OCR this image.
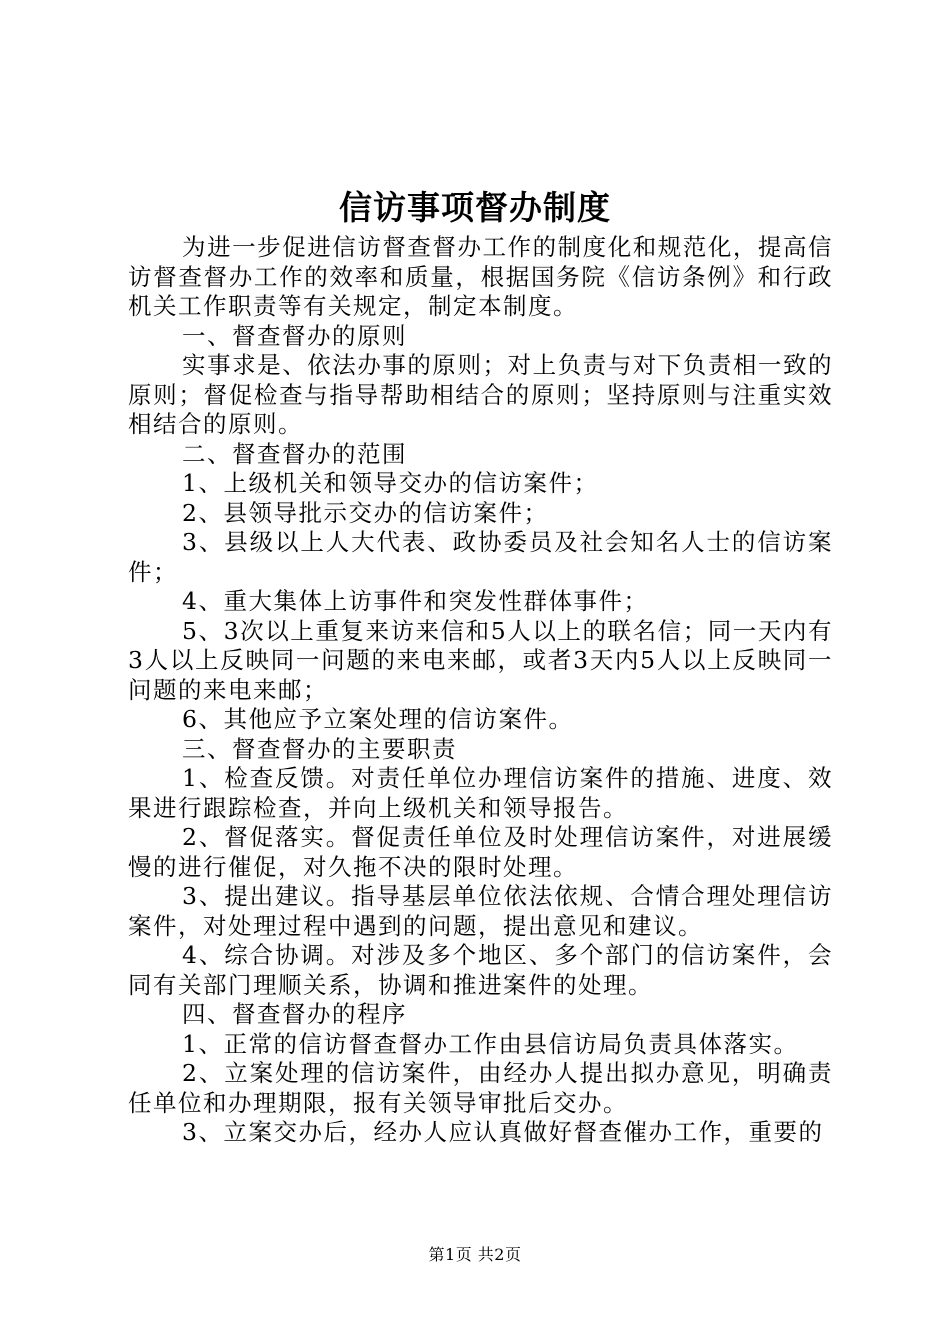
信访事项督办制度

为进一步促进信访督查督办工作的制度化和规范化，提高信访督查督办工作的效率和质量，根据国务院《信访条例》和行政机关工作职责等有关规定，制定本制度。

一、督查督办的原则

实事求是、依法办事的原则；对上负责与对下负责相一致的原则；督促检查与指导帮助相结合的原则；坚持原则与注重实效相结合的原则。

二、督查督办的范围

1、上级机关和领导交办的信访案件；

2、县领导批示交办的信访案件；

3、县级以上人大代表、政协委员及社会知名人士的信访案件；

4、重大集体上访事件和突发性群体事件；

5、3次以上重复来访来信和5人以上的联名信；同一天内有3人以上反映同一问题的来电来邮，或者3天内5人以上反映同一问题的来电来邮；

6、其他应予立案处理的信访案件。

三、督查督办的主要职责

1、检查反馈。对责任单位办理信访案件的措施、进度、效果进行跟踪检查，并向上级机关和领导报告。

2、督促落实。督促责任单位及时处理信访案件，对进展缓慢的进行催促，对久拖不决的限时处理。

3、提出建议。指导基层单位依法依规、合情合理处理信访案件，对处理过程中遇到的问题，提出意见和建议。

4、综合协调。对涉及多个地区、多个部门的信访案件，会同有关部门理顺关系，协调和推进案件的处理。

四、督查督办的程序

1、正常的信访督查督办工作由县信访局负责具体落实。

2、立案处理的信访案件，由经办人提出拟办意见，明确责任单位和办理期限，报有关领导审批后交办。

3、立案交办后，经办人应认真做好督查催办工作，重要的

第1页 共2页
